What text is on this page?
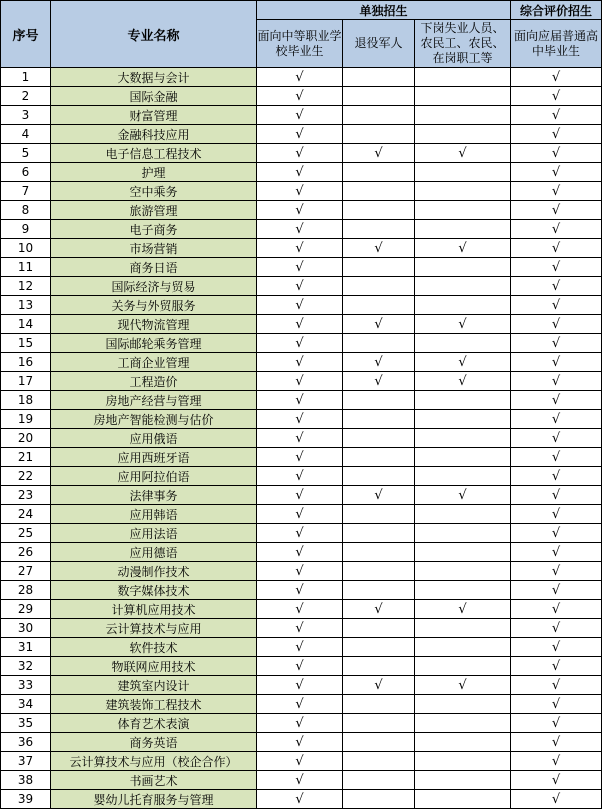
序号	专业名称	单独招生			综合评价招生
		面向中等职业学校毕业生	退役军人	下岗失业人员、农民工、农民、在岗职工等	面向应届普通高中毕业生
1	大数据与会计	√			√
2	国际金融	√			√
3	财富管理	√			√
4	金融科技应用	√			√
5	电子信息工程技术	√	√	√	√
6	护理	√			√
7	空中乘务	√			√
8	旅游管理	√			√
9	电子商务	√			√
10	市场营销	√	√	√	√
11	商务日语	√			√
12	国际经济与贸易	√			√
13	关务与外贸服务	√			√
14	现代物流管理	√	√	√	√
15	国际邮轮乘务管理	√			√
16	工商企业管理	√	√	√	√
17	工程造价	√	√	√	√
18	房地产经营与管理	√			√
19	房地产智能检测与估价	√			√
20	应用俄语	√			√
21	应用西班牙语	√			√
22	应用阿拉伯语	√			√
23	法律事务	√	√	√	√
24	应用韩语	√			√
25	应用法语	√			√
26	应用德语	√			√
27	动漫制作技术	√			√
28	数字媒体技术	√			√
29	计算机应用技术	√	√	√	√
30	云计算技术与应用	√			√
31	软件技术	√			√
32	物联网应用技术	√			√
33	建筑室内设计	√	√	√	√
34	建筑装饰工程技术	√			√
35	体育艺术表演	√			√
36	商务英语	√			√
37	云计算技术与应用（校企合作）	√			√
38	书画艺术	√			√
39	婴幼儿托育服务与管理	√			√
